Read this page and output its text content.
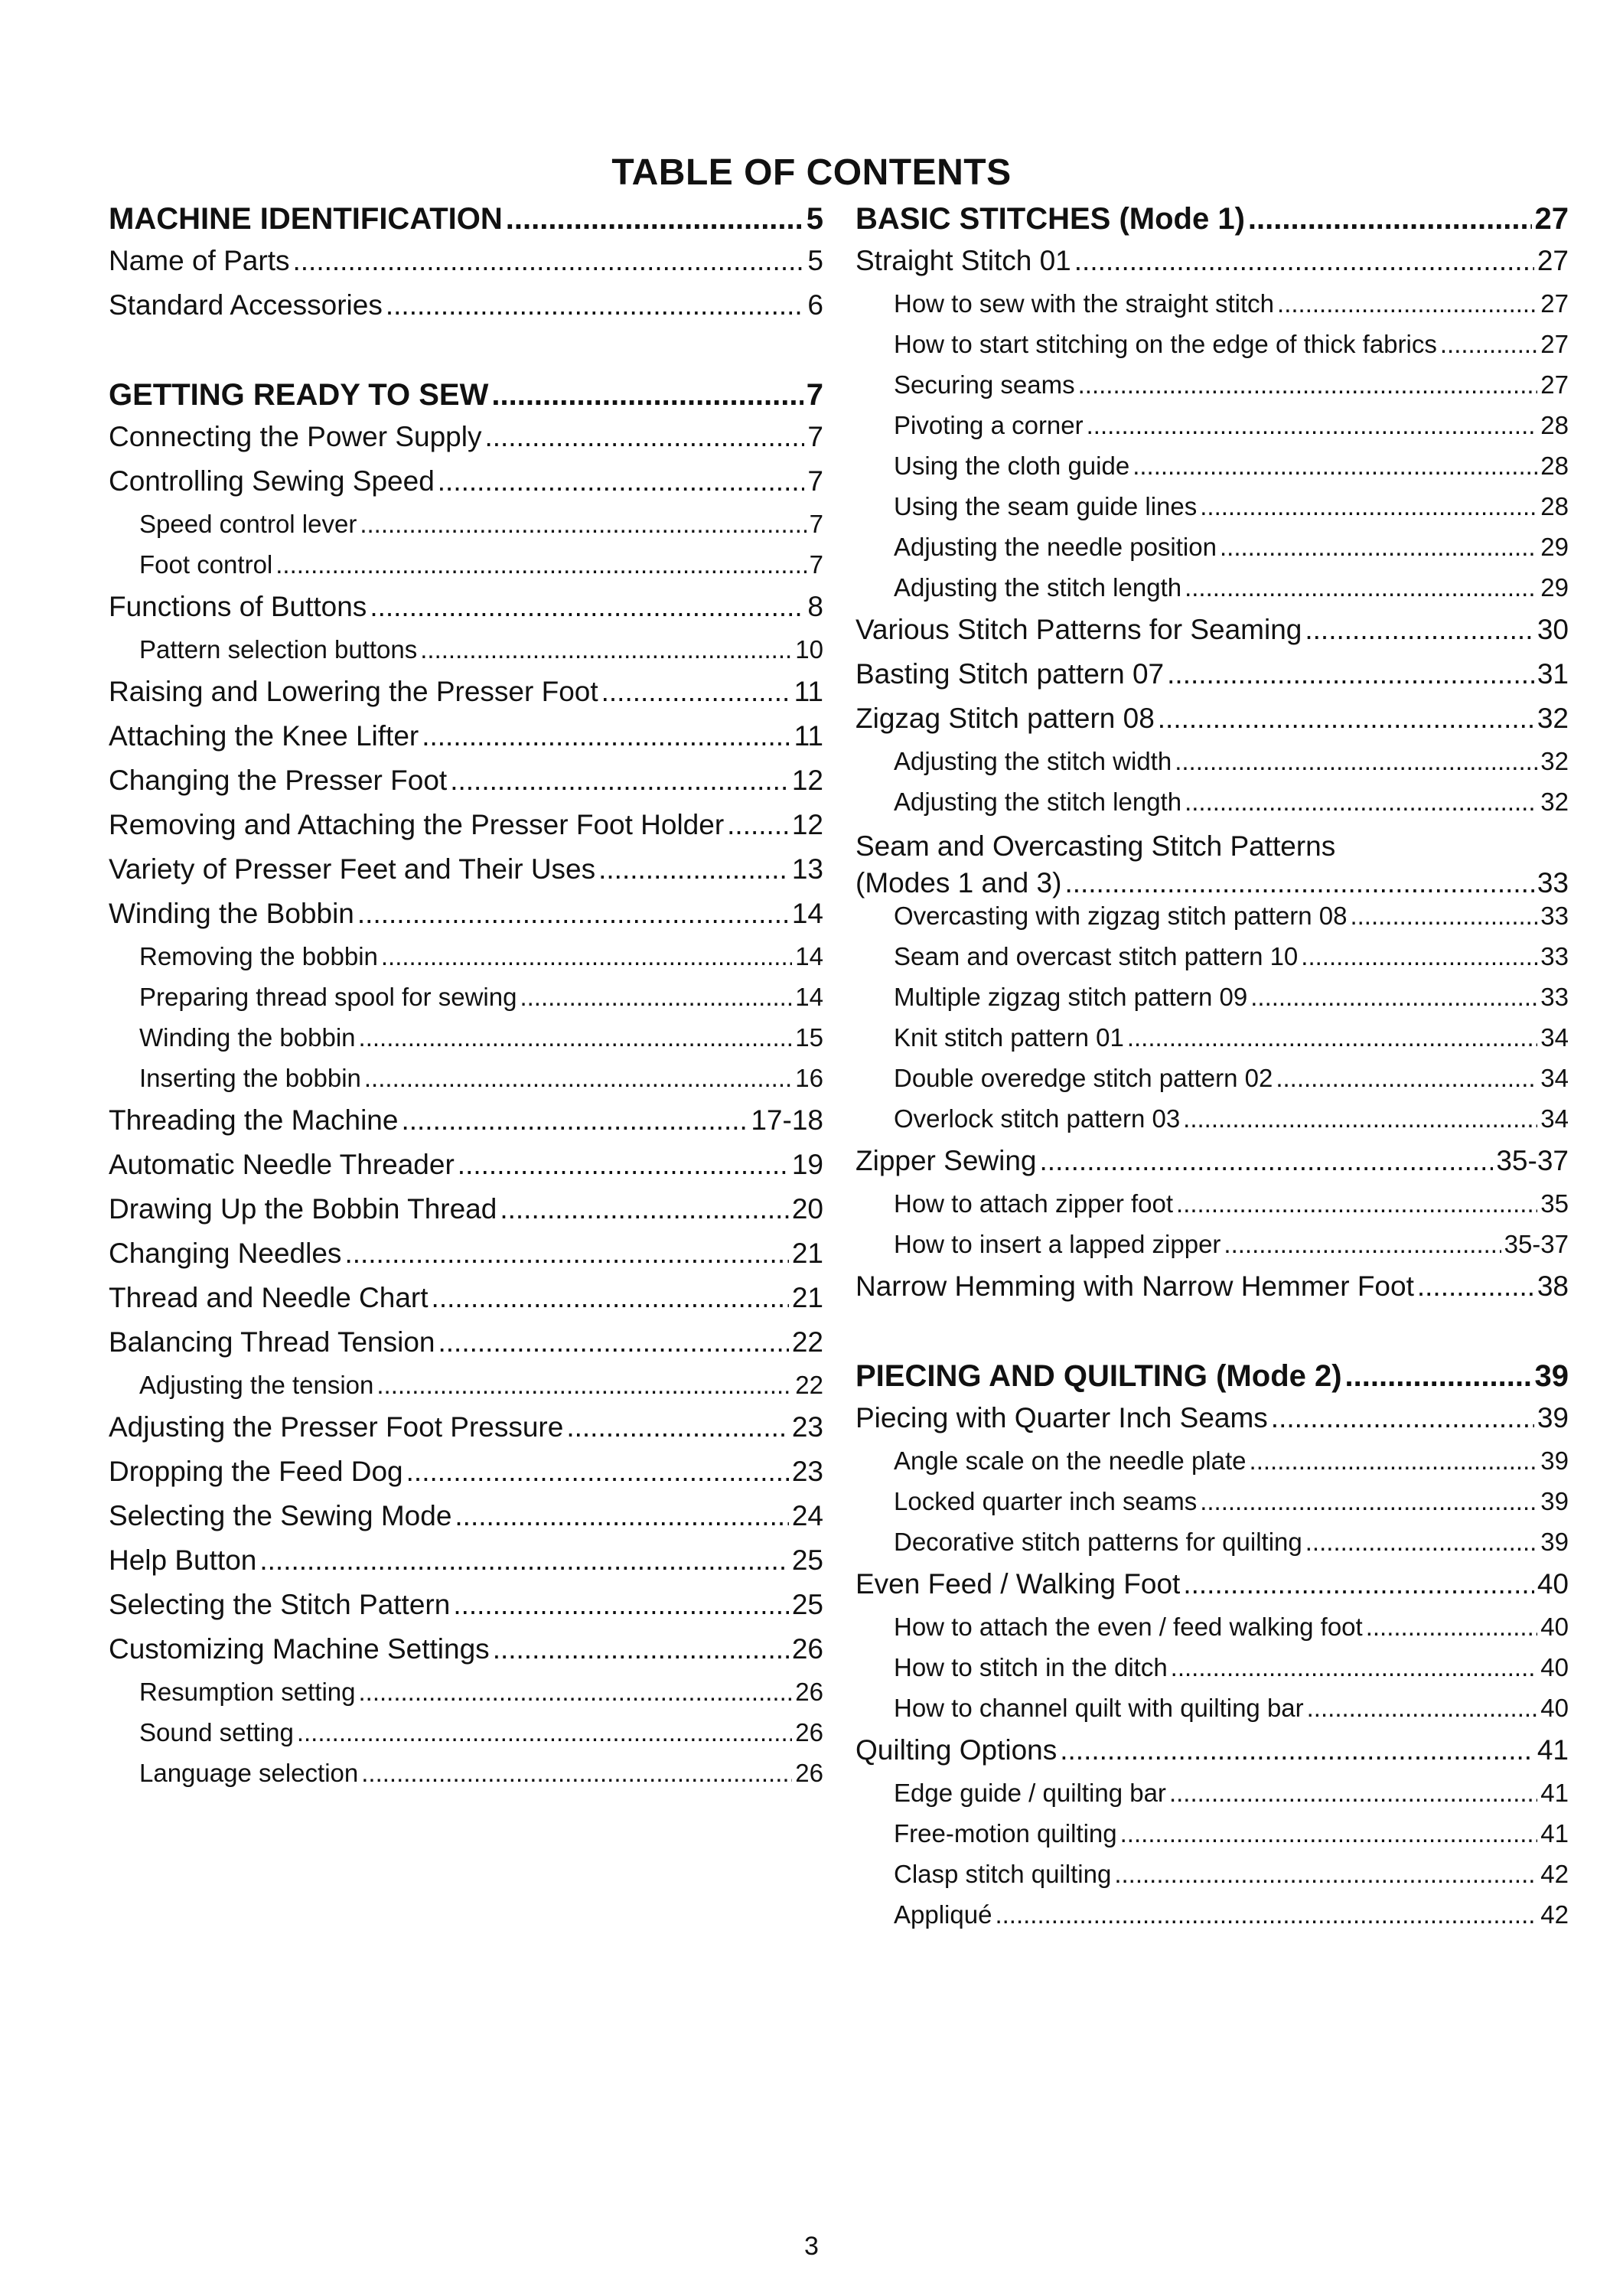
TABLE OF CONTENTS
MACHINE IDENTIFICATION .....	5
Name of Parts .....	5
Standard Accessories .....	6
GETTING READY TO SEW .....	7
Connecting the Power Supply .....	7
Controlling Sewing Speed .....	7
Speed control lever .....	7
Foot control .....	7
Functions of Buttons .....	8
Pattern selection buttons .....	10
Raising and Lowering the Presser Foot .....	11
Attaching the Knee Lifter .....	11
Changing the Presser Foot .....	12
Removing and Attaching the Presser Foot Holder ..... 12
Variety of Presser Feet and Their Uses .....	13
Winding the Bobbin .....	14
Removing the bobbin .....	14
Preparing thread spool for sewing .....	14
Winding the bobbin .....	15
Inserting the bobbin .....	16
Threading the Machine .....	17-18
Automatic Needle Threader .....	19
Drawing Up the Bobbin Thread .....	20
Changing Needles .....	21
Thread and Needle Chart .....	21
Balancing Thread Tension .....	22
Adjusting the tension .....	22
Adjusting the Presser Foot Pressure .....	23
Dropping the Feed Dog .....	23
Selecting the Sewing Mode .....	24
Help Button .....	25
Selecting the Stitch Pattern .....	25
Customizing Machine Settings .....	26
Resumption setting .....	26
Sound setting .....	26
Language selection .....	26
BASIC STITCHES (Mode 1) .....	27
Straight Stitch 01 .....	27
How to sew with the straight stitch .....	27
How to start stitching on the edge of thick fabrics .....	27
Securing seams .....	27
Pivoting a corner .....	28
Using the cloth guide .....	28
Using the seam guide lines .....	28
Adjusting the needle position .....	29
Adjusting the stitch length .....	29
Various Stitch Patterns for Seaming .....	30
Basting Stitch pattern 07 .....	31
Zigzag Stitch pattern 08 .....	32
Adjusting the stitch width .....	32
Adjusting the stitch length .....	32
Seam and Overcasting Stitch Patterns
(Modes 1 and 3) .....	33
Overcasting with zigzag stitch pattern 08 .....	33
Seam and overcast stitch pattern 10 .....	33
Multiple zigzag stitch pattern 09 .....	33
Knit stitch pattern 01 .....	34
Double overedge stitch pattern 02 .....	34
Overlock stitch pattern 03 .....	34
Zipper Sewing .....	35-37
How to attach zipper foot .....	35
How to insert a lapped zipper .....	35-37
Narrow Hemming with Narrow Hemmer Foot .....	38
PIECING AND QUILTING (Mode 2) .....	39
Piecing with Quarter Inch Seams .....	39
Angle scale on the needle plate .....	39
Locked quarter inch seams .....	39
Decorative stitch patterns for quilting .....	39
Even Feed / Walking Foot .....	40
How to attach the even / feed walking foot .....	40
How to stitch in the ditch .....	40
How to channel quilt with quilting bar .....	40
Quilting Options .....	41
Edge guide / quilting bar .....	41
Free-motion quilting .....	41
Clasp stitch quilting .....	42
Appliqué .....	42
3
